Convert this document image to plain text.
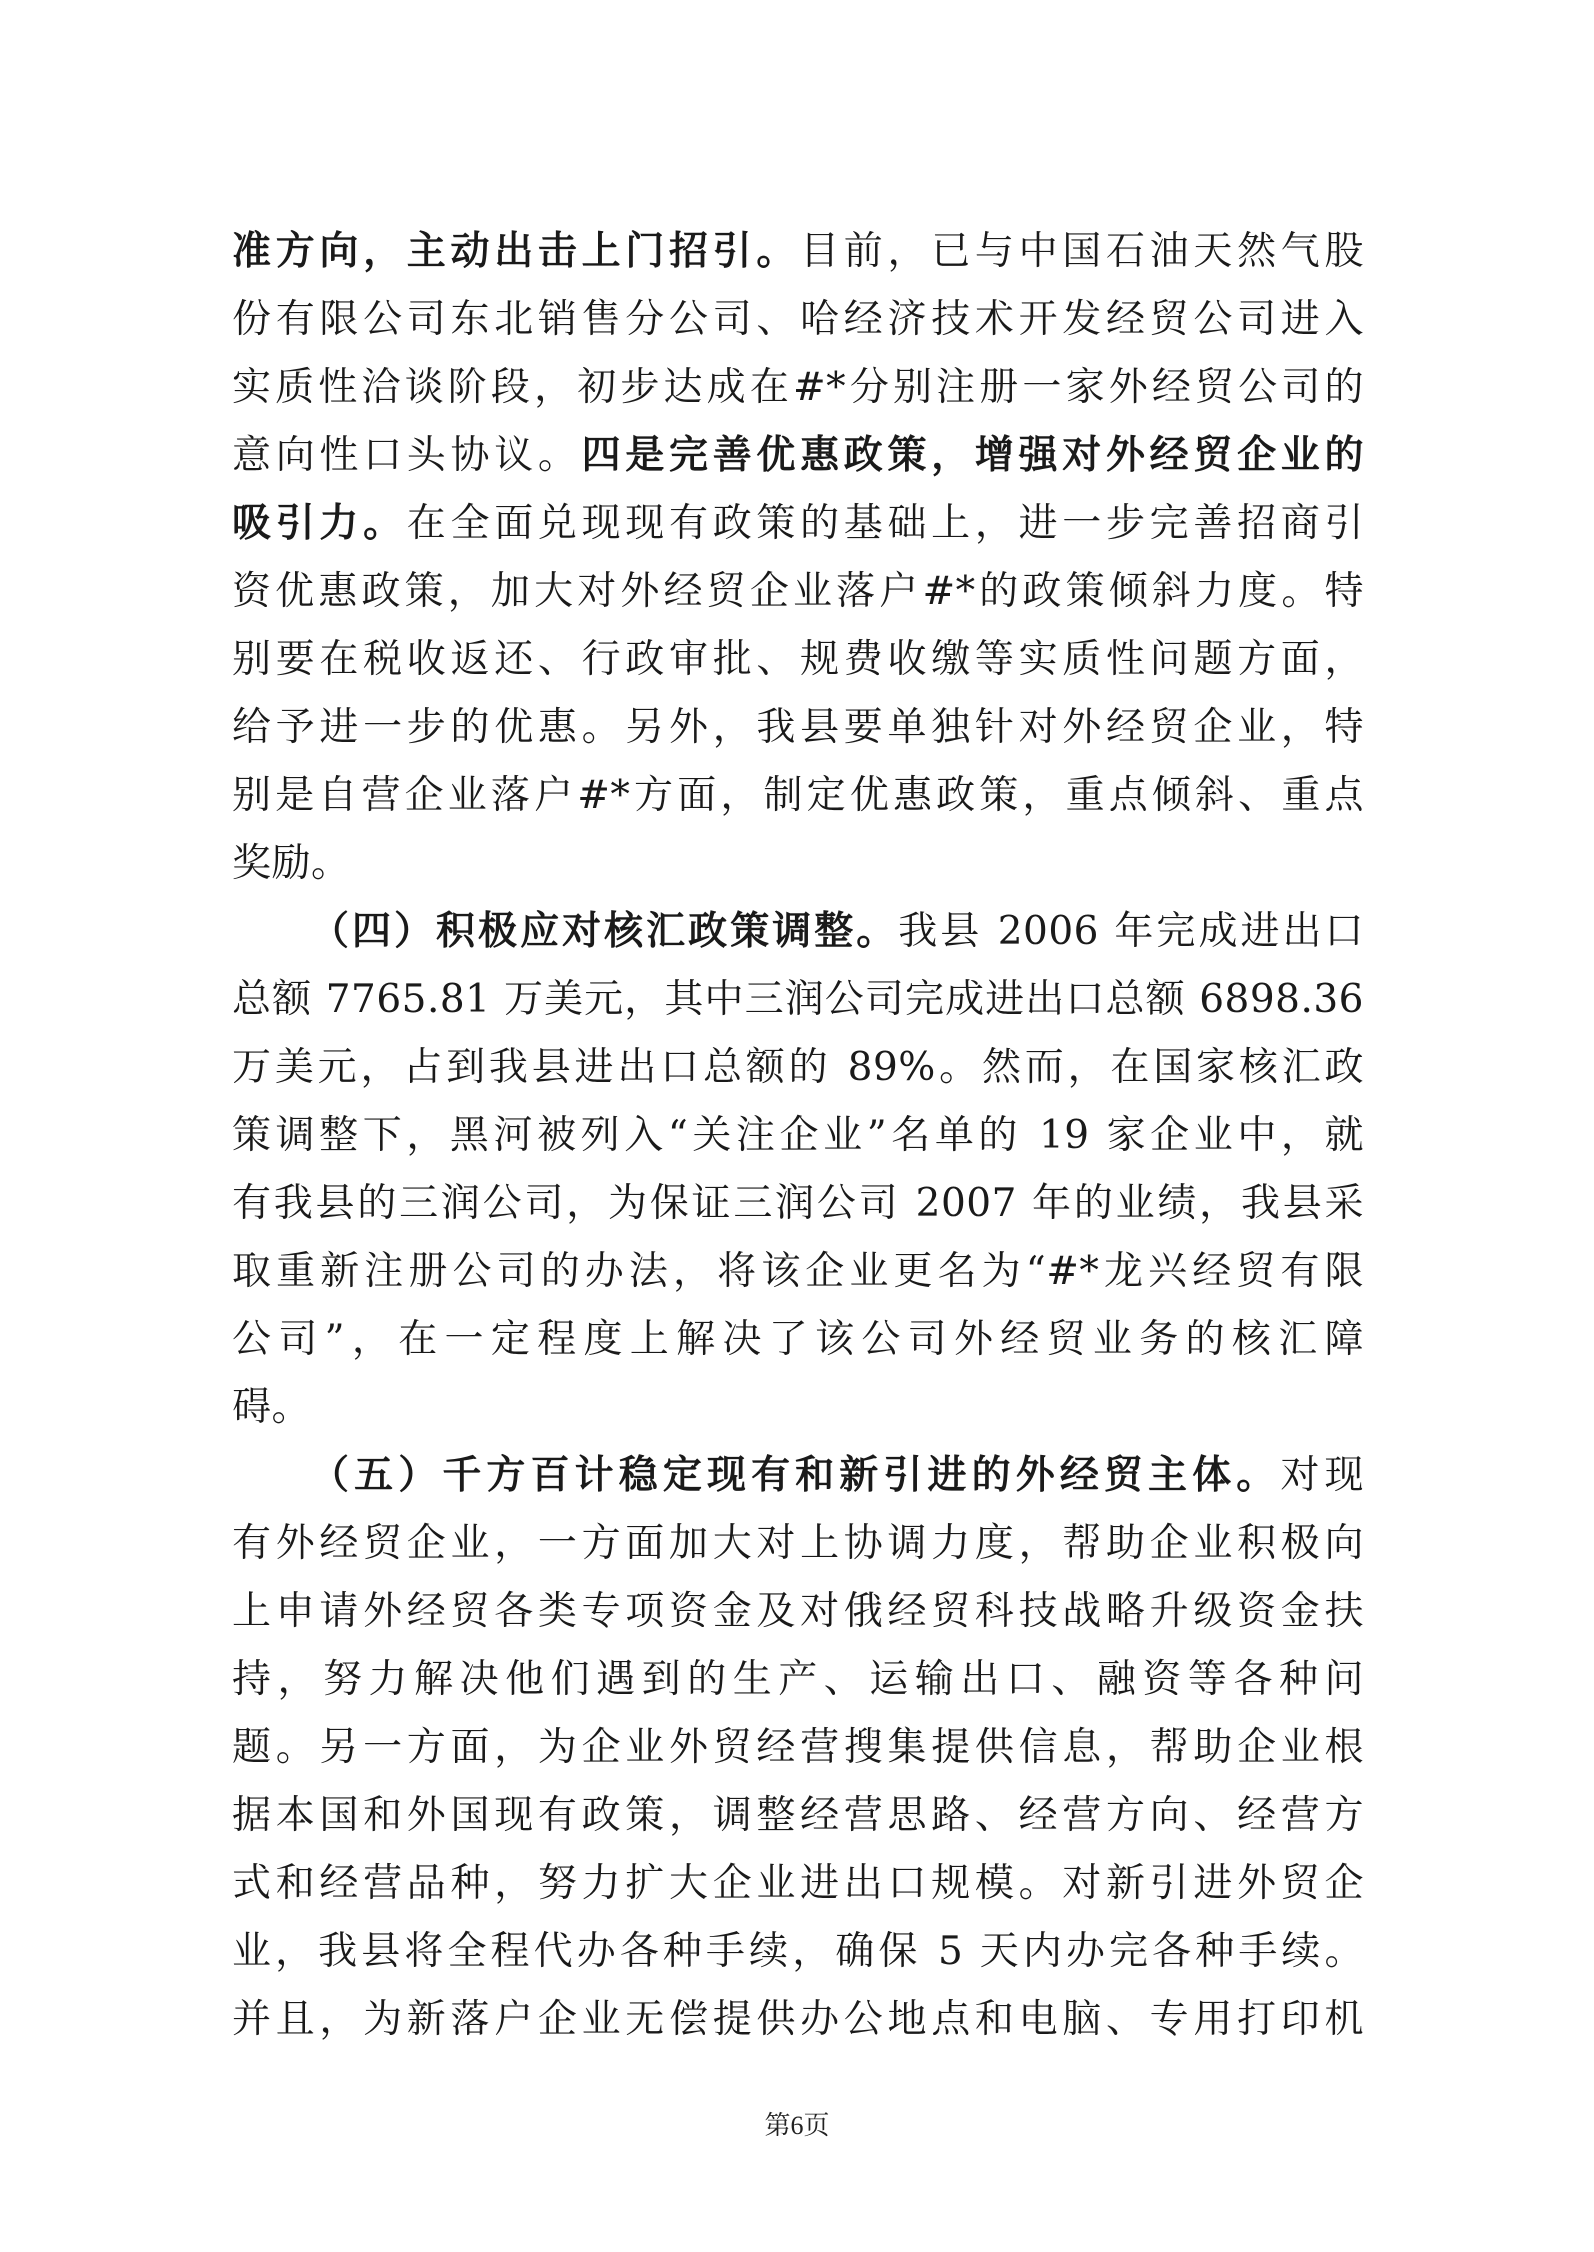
准方向，主动出击上门招引。目前，已与中国石油天然气股
份有限公司东北销售分公司、哈经济技术开发经贸公司进入
实质性洽谈阶段，初步达成在#*分别注册一家外经贸公司的
意向性口头协议。四是完善优惠政策，增强对外经贸企业的
吸引力。在全面兑现现有政策的基础上，进一步完善招商引
资优惠政策，加大对外经贸企业落户#*的政策倾斜力度。特
别要在税收返还、行政审批、规费收缴等实质性问题方面，
给予进一步的优惠。另外，我县要单独针对外经贸企业，特
别是自营企业落户#*方面，制定优惠政策，重点倾斜、重点
奖励。
（四）积极应对核汇政策调整。我县 2006 年完成进出口
总额 7765.81 万美元，其中三润公司完成进出口总额 6898.36
万美元，占到我县进出口总额的 89%。然而，在国家核汇政
策调整下，黑河被列入“关注企业”名单的 19 家企业中，就
有我县的三润公司，为保证三润公司 2007 年的业绩，我县采
取重新注册公司的办法，将该企业更名为“#*龙兴经贸有限
公司”，在一定程度上解决了该公司外经贸业务的核汇障
碍。
（五）千方百计稳定现有和新引进的外经贸主体。对现
有外经贸企业，一方面加大对上协调力度，帮助企业积极向
上申请外经贸各类专项资金及对俄经贸科技战略升级资金扶
持，努力解决他们遇到的生产、运输出口、融资等各种问
题。另一方面，为企业外贸经营搜集提供信息，帮助企业根
据本国和外国现有政策，调整经营思路、经营方向、经营方
式和经营品种，努力扩大企业进出口规模。对新引进外贸企
业，我县将全程代办各种手续，确保 5 天内办完各种手续。
并且，为新落户企业无偿提供办公地点和电脑、专用打印机
第6页
